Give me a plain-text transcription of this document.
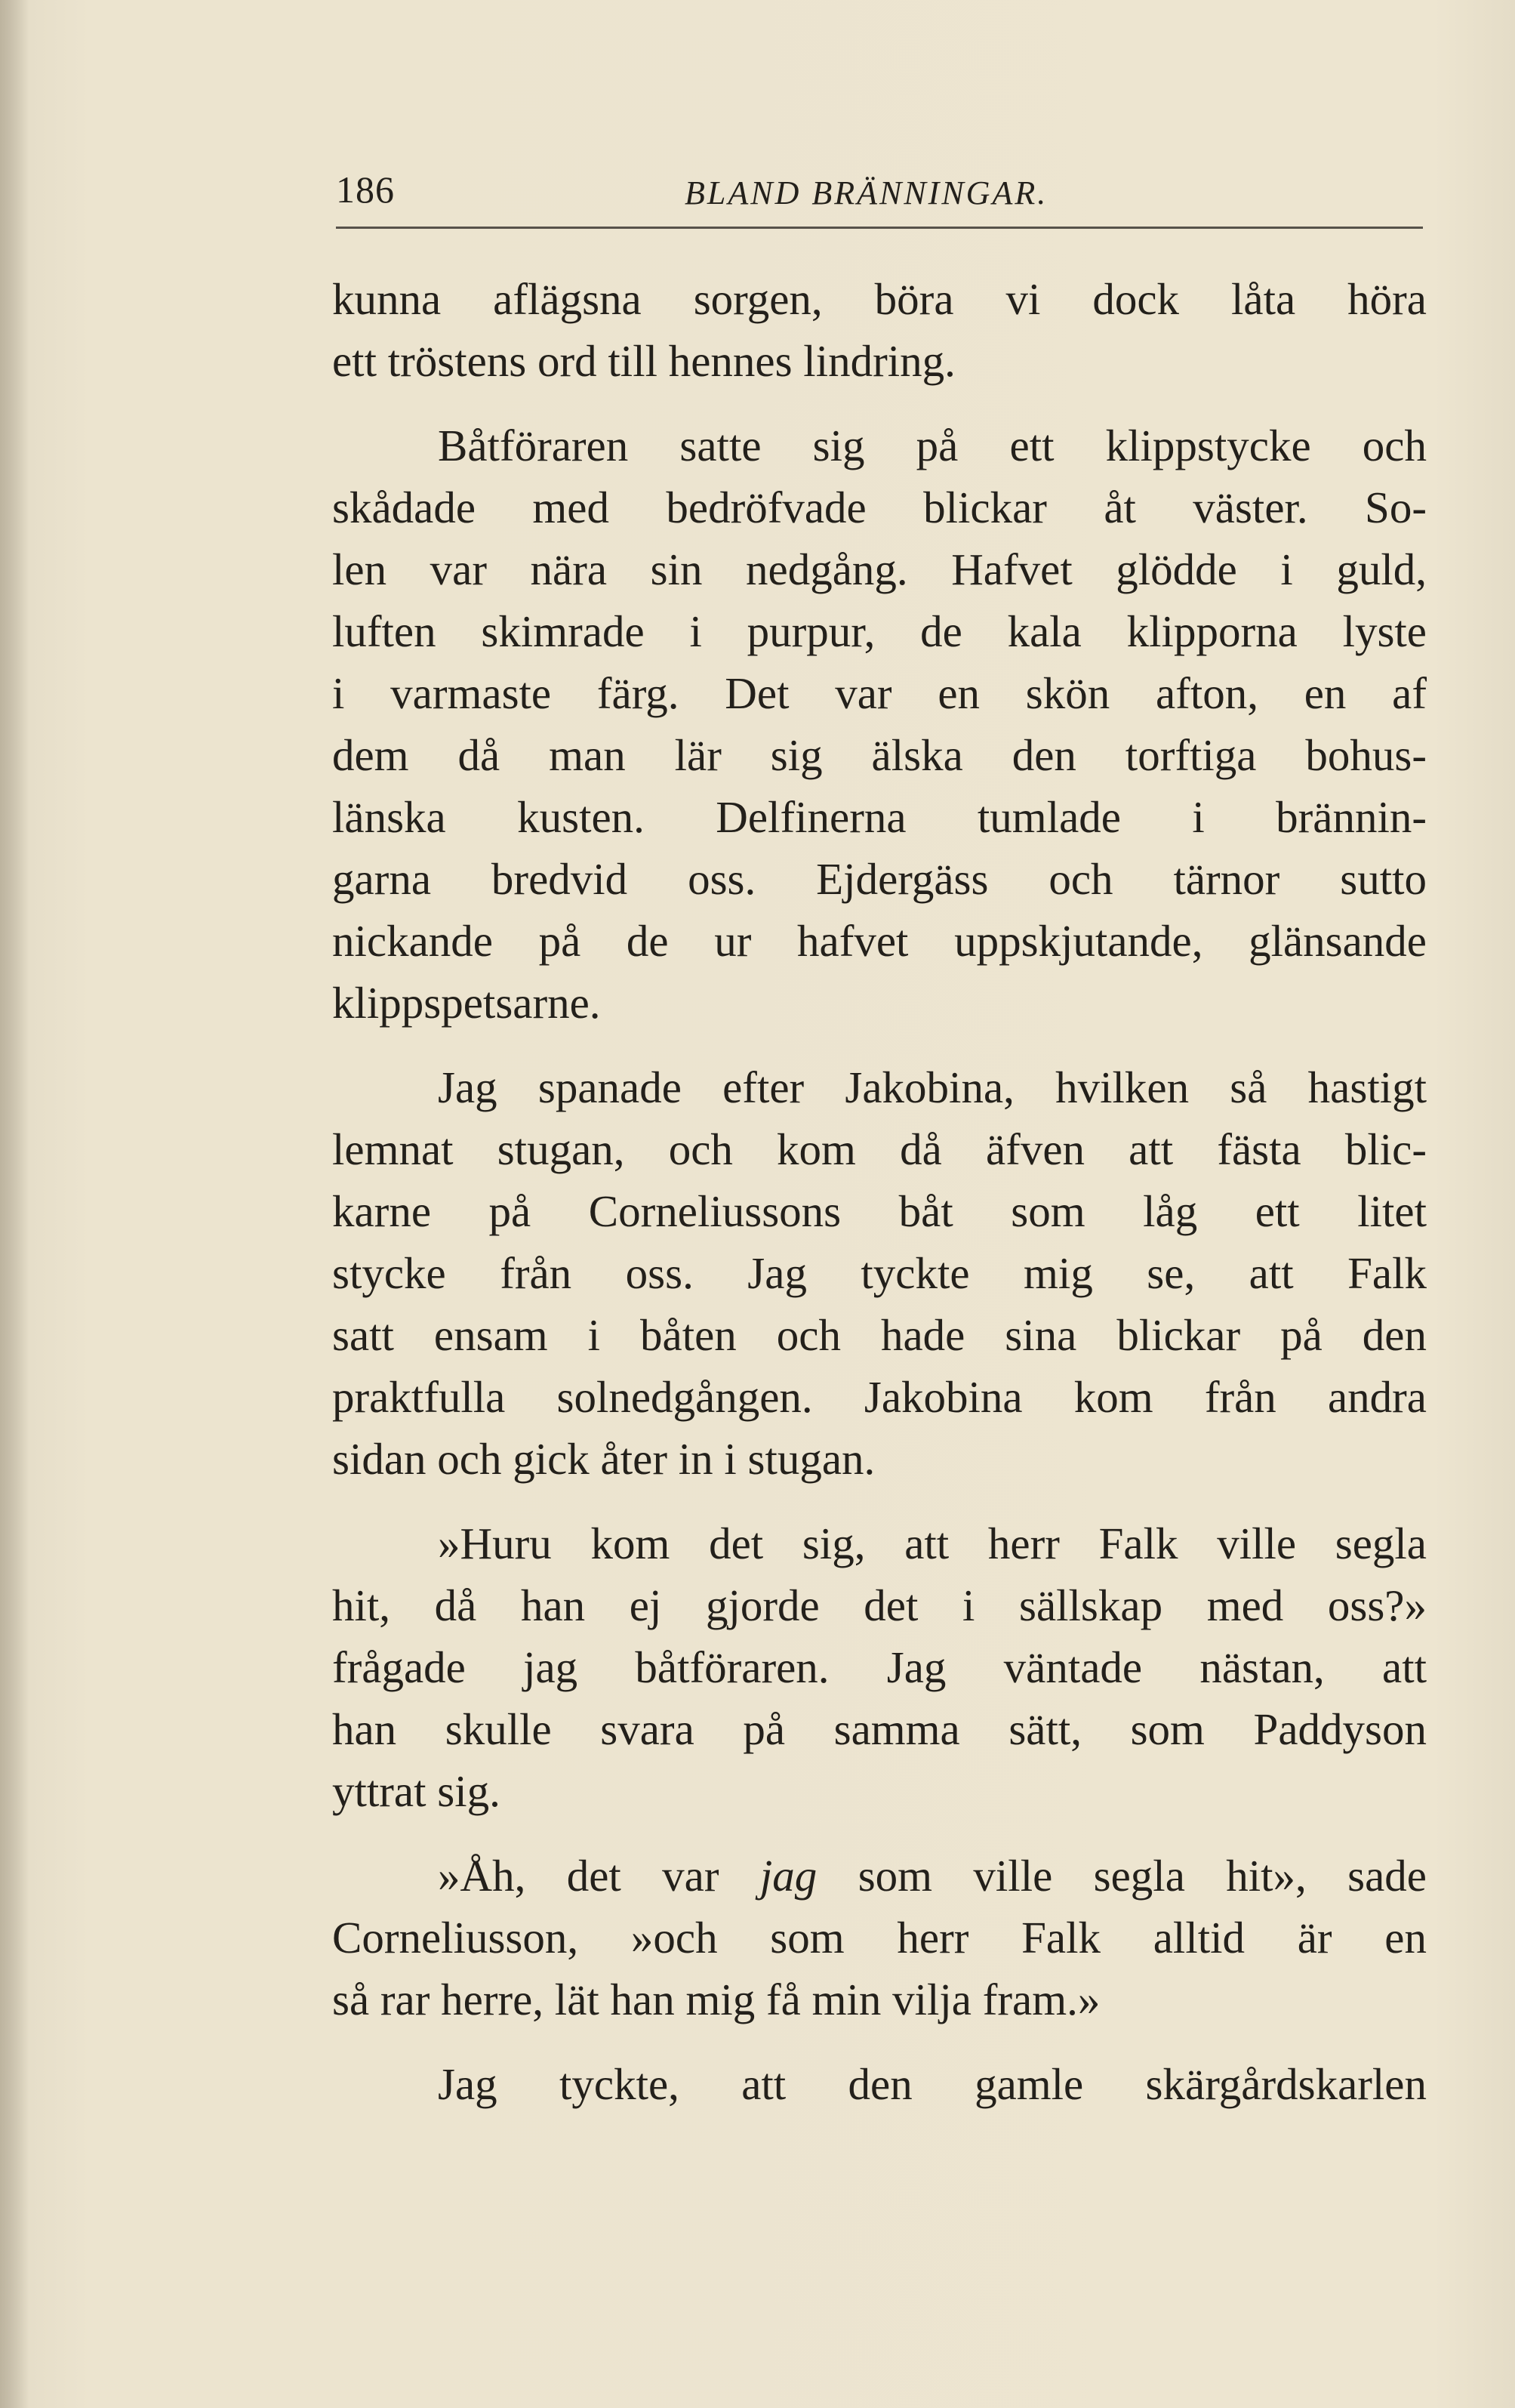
186	BLAND BRÄNNINGAR.
kunna aflägsna sorgen, böra vi dock låta höra
ett tröstens ord till hennes lindring.
Båtföraren satte sig på ett klippstycke och
skådade med bedröfvade blickar åt väster. So-
len var nära sin nedgång. Hafvet glödde i guld,
luften skimrade i purpur, de kala klipporna lyste
i varmaste färg. Det var en skön afton, en af
dem då man lär sig älska den torftiga bohus-
länska kusten. Delfinerna tumlade i brännin-
garna bredvid oss. Ejdergäss och tärnor sutto
nickande på de ur hafvet uppskjutande, glänsande
klippspetsarne.
Jag spanade efter Jakobina, hvilken så hastigt
lemnat stugan, och kom då äfven att fästa blic-
karne på Corneliussons båt som låg ett litet
stycke från oss. Jag tyckte mig se, att Falk
satt ensam i båten och hade sina blickar på den
praktfulla solnedgången. Jakobina kom från andra
sidan och gick åter in i stugan.
»Huru kom det sig, att herr Falk ville segla
hit, då han ej gjorde det i sällskap med oss?»
frågade jag båtföraren. Jag väntade nästan, att
han skulle svara på samma sätt, som Paddyson
yttrat sig.
»Åh, det var jag som ville segla hit», sade
Corneliusson, »och som herr Falk alltid är en
så rar herre, lät han mig få min vilja fram.»
Jag tyckte, att den gamle skärgårdskarlen
